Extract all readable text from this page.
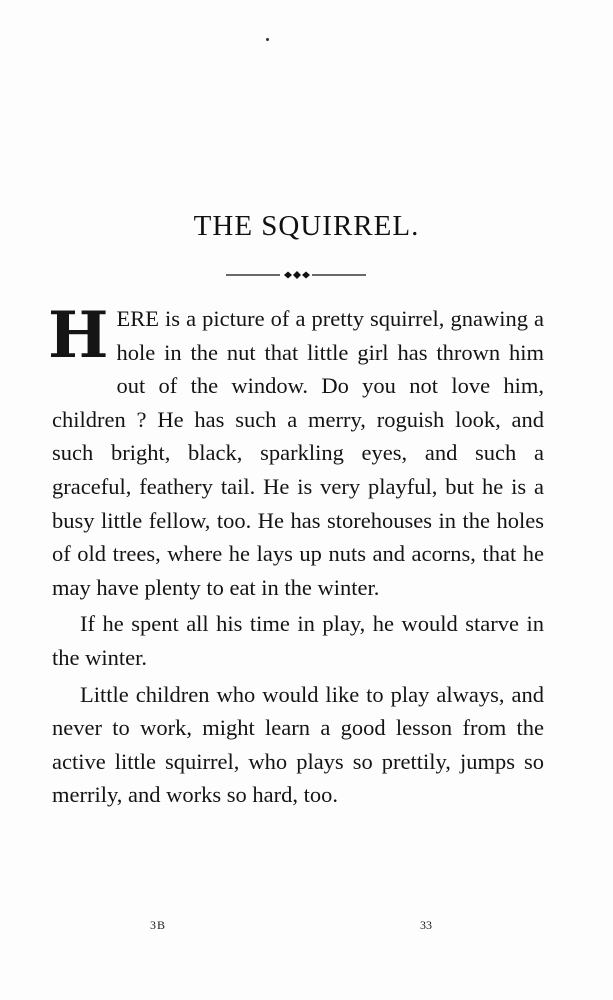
THE SQUIRREL.

HERE is a picture of a pretty squirrel, gnawing a hole in the nut that little girl has thrown him out of the window. Do you not love him, children ? He has such a merry, roguish look, and such bright, black, sparkling eyes, and such a graceful, feathery tail. He is very playful, but he is a busy little fellow, too. He has storehouses in the holes of old trees, where he lays up nuts and acorns, that he may have plenty to eat in the winter.

If he spent all his time in play, he would starve in the winter.

Little children who would like to play always, and never to work, might learn a good lesson from the active little squirrel, who plays so prettily, jumps so merrily, and works so hard, too.

3B	33
